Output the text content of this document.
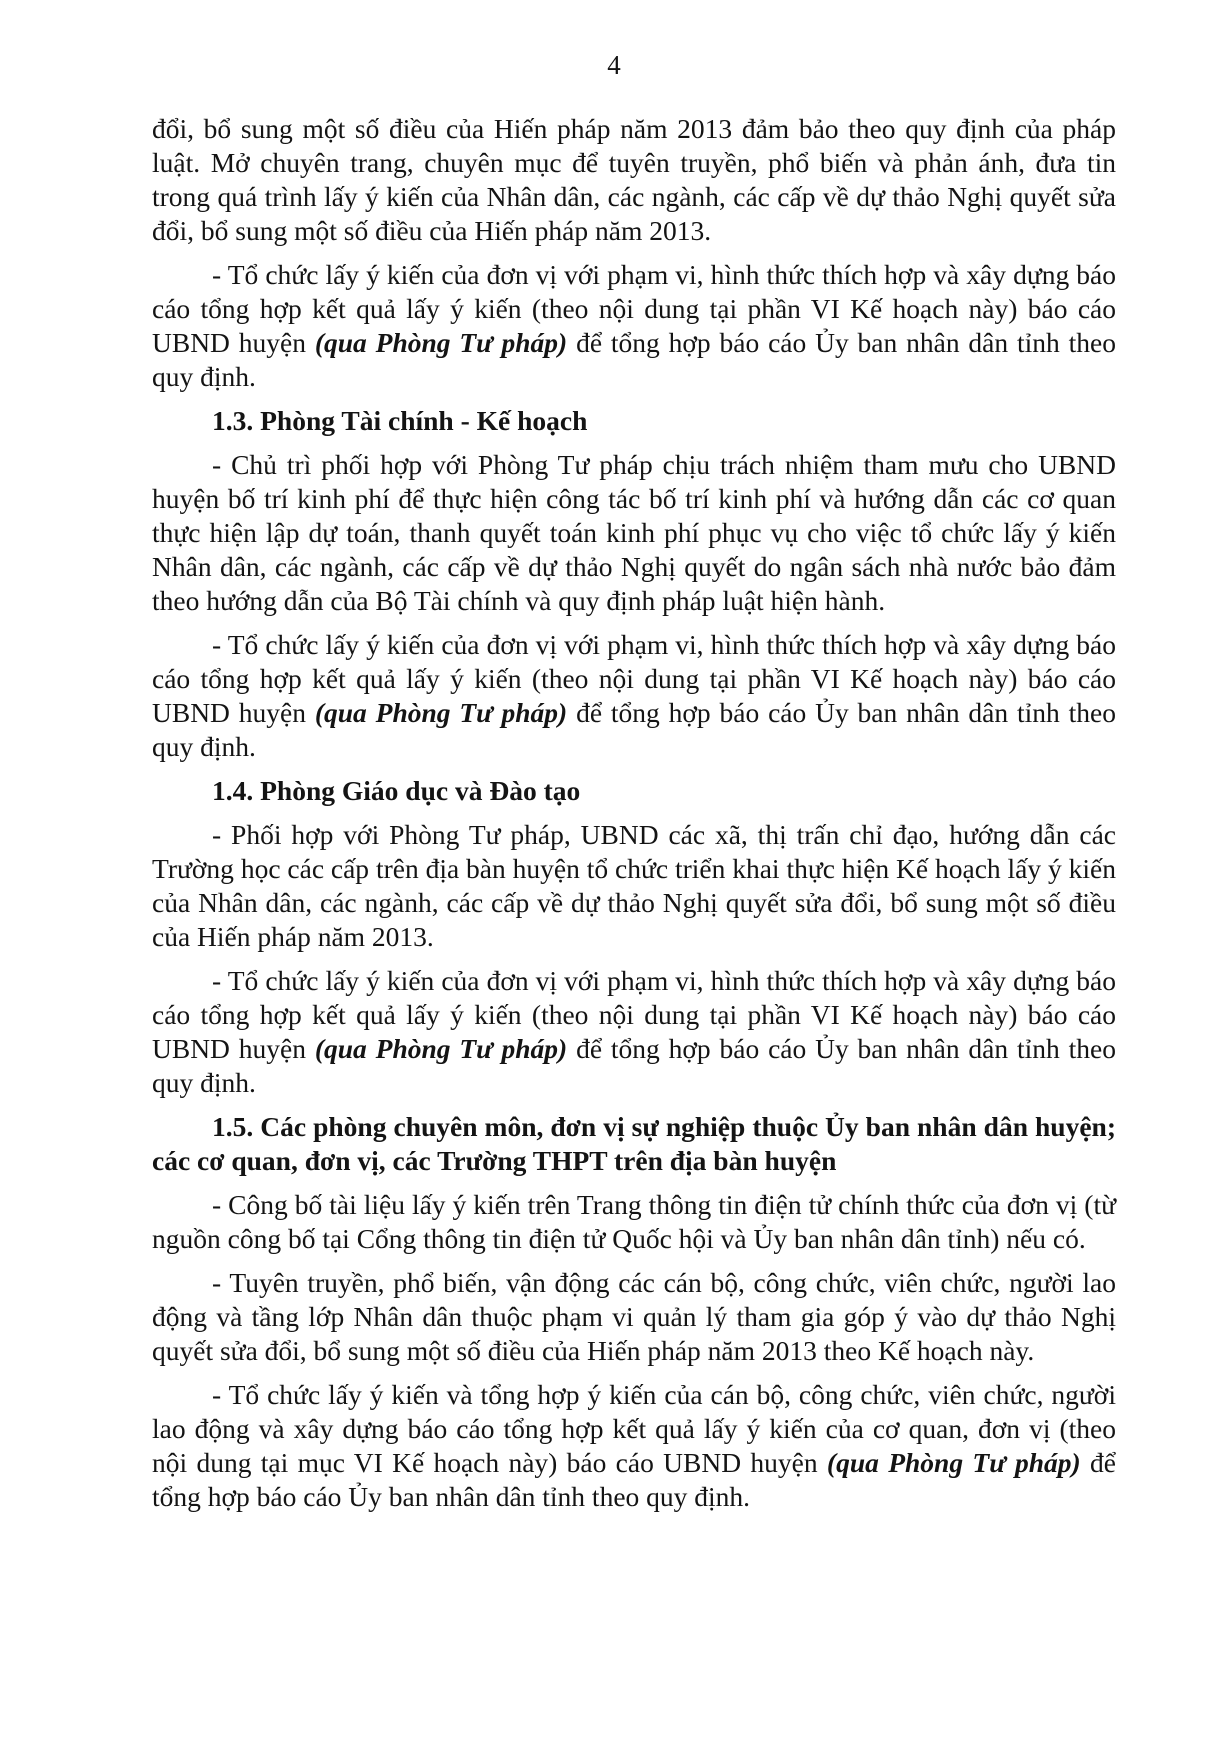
4

đổi, bổ sung một số điều của Hiến pháp năm 2013 đảm bảo theo quy định của pháp luật. Mở chuyên trang, chuyên mục để tuyên truyền, phổ biến và phản ánh, đưa tin trong quá trình lấy ý kiến của Nhân dân, các ngành, các cấp về dự thảo Nghị quyết sửa đổi, bổ sung một số điều của Hiến pháp năm 2013.

- Tổ chức lấy ý kiến của đơn vị với phạm vi, hình thức thích hợp và xây dựng báo cáo tổng hợp kết quả lấy ý kiến (theo nội dung tại phần VI Kế hoạch này) báo cáo UBND huyện (qua Phòng Tư pháp) để tổng hợp báo cáo Ủy ban nhân dân tỉnh theo quy định.

1.3. Phòng Tài chính - Kế hoạch

- Chủ trì phối hợp với Phòng Tư pháp chịu trách nhiệm tham mưu cho UBND huyện bố trí kinh phí để thực hiện công tác bố trí kinh phí và hướng dẫn các cơ quan thực hiện lập dự toán, thanh quyết toán kinh phí phục vụ cho việc tổ chức lấy ý kiến Nhân dân, các ngành, các cấp về dự thảo Nghị quyết do ngân sách nhà nước bảo đảm theo hướng dẫn của Bộ Tài chính và quy định pháp luật hiện hành.

- Tổ chức lấy ý kiến của đơn vị với phạm vi, hình thức thích hợp và xây dựng báo cáo tổng hợp kết quả lấy ý kiến (theo nội dung tại phần VI Kế hoạch này) báo cáo UBND huyện (qua Phòng Tư pháp) để tổng hợp báo cáo Ủy ban nhân dân tỉnh theo quy định.

1.4. Phòng Giáo dục và Đào tạo

- Phối hợp với Phòng Tư pháp, UBND các xã, thị trấn chỉ đạo, hướng dẫn các Trường học các cấp trên địa bàn huyện tổ chức triển khai thực hiện Kế hoạch lấy ý kiến của Nhân dân, các ngành, các cấp về dự thảo Nghị quyết sửa đổi, bổ sung một số điều của Hiến pháp năm 2013.

- Tổ chức lấy ý kiến của đơn vị với phạm vi, hình thức thích hợp và xây dựng báo cáo tổng hợp kết quả lấy ý kiến (theo nội dung tại phần VI Kế hoạch này) báo cáo UBND huyện (qua Phòng Tư pháp) để tổng hợp báo cáo Ủy ban nhân dân tỉnh theo quy định.

1.5. Các phòng chuyên môn, đơn vị sự nghiệp thuộc Ủy ban nhân dân huyện; các cơ quan, đơn vị, các Trường THPT trên địa bàn huyện

- Công bố tài liệu lấy ý kiến trên Trang thông tin điện tử chính thức của đơn vị (từ nguồn công bố tại Cổng thông tin điện tử Quốc hội và Ủy ban nhân dân tỉnh) nếu có.

- Tuyên truyền, phổ biến, vận động các cán bộ, công chức, viên chức, người lao động và tầng lớp Nhân dân thuộc phạm vi quản lý tham gia góp ý vào dự thảo Nghị quyết sửa đổi, bổ sung một số điều của Hiến pháp năm 2013 theo Kế hoạch này.

- Tổ chức lấy ý kiến và tổng hợp ý kiến của cán bộ, công chức, viên chức, người lao động và xây dựng báo cáo tổng hợp kết quả lấy ý kiến của cơ quan, đơn vị (theo nội dung tại mục VI Kế hoạch này) báo cáo UBND huyện (qua Phòng Tư pháp) để tổng hợp báo cáo Ủy ban nhân dân tỉnh theo quy định.
